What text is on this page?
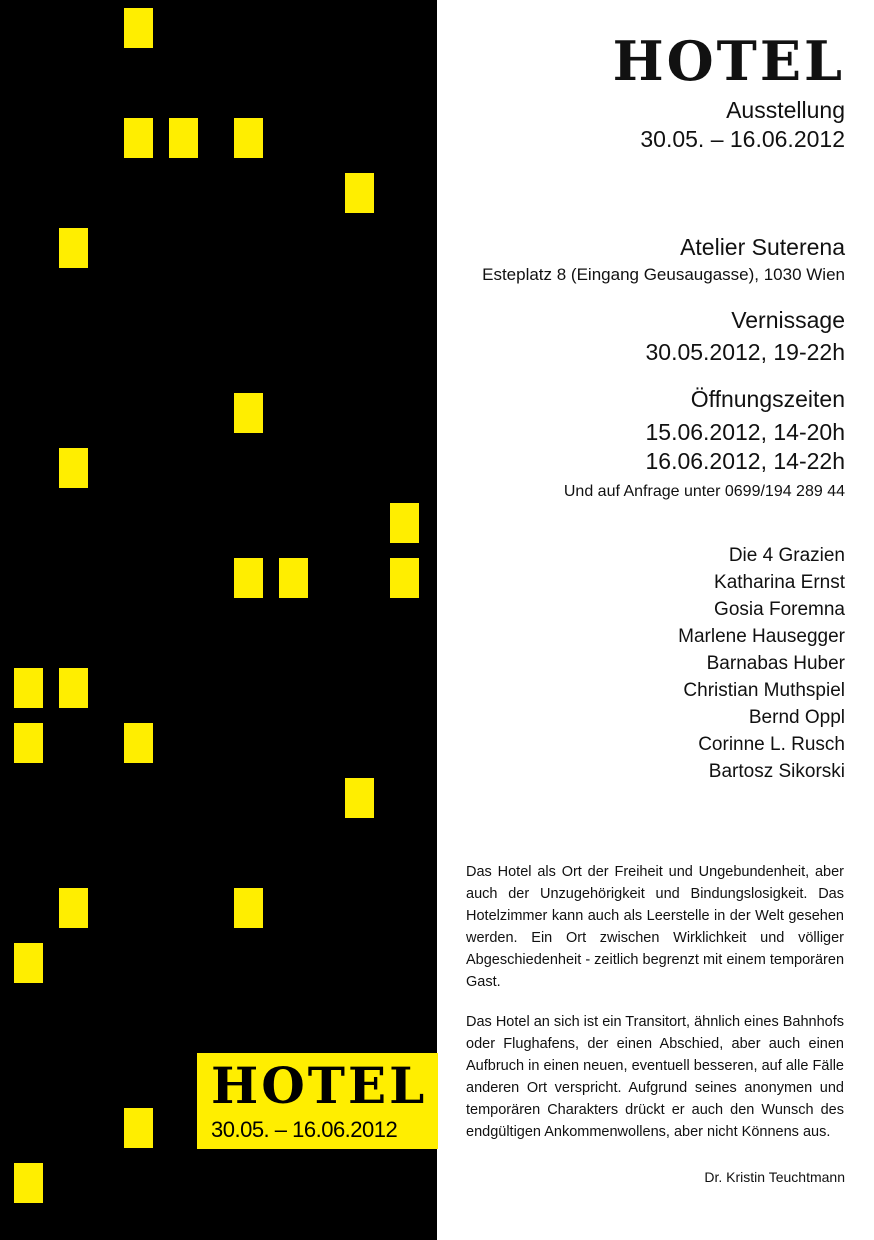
HOTEL
30.05. – 16.06.2012
HOTEL
Ausstellung
30.05. – 16.06.2012
Atelier Suterena
Esteplatz 8 (Eingang Geusaugasse), 1030 Wien
Vernissage
30.05.2012, 19-22h
Öffnungszeiten
15.06.2012, 14-20h
16.06.2012, 14-22h
Und auf Anfrage unter 0699/194 289 44
Die 4 Grazien
Katharina Ernst
Gosia Foremna
Marlene Hausegger
Barnabas Huber
Christian Muthspiel
Bernd Oppl
Corinne L. Rusch
Bartosz Sikorski

Das Hotel als Ort der Freiheit und Ungebundenheit, aber auch der Unzugehörigkeit und Bindungslosigkeit. Das Hotelzimmer kann auch als Leerstelle in der Welt gesehen werden. Ein Ort zwischen Wirklichkeit und völliger Abgeschiedenheit - zeitlich begrenzt mit einem temporären Gast.

Das Hotel an sich ist ein Transitort, ähnlich eines Bahnhofs oder Flughafens, der einen Abschied, aber auch einen Aufbruch in einen neuen, eventuell besseren, auf alle Fälle anderen Ort verspricht. Aufgrund seines anonymen und temporären Charakters drückt er auch den Wunsch des endgültigen Ankommenwollens, aber nicht Könnens aus.

Dr. Kristin Teuchtmann
